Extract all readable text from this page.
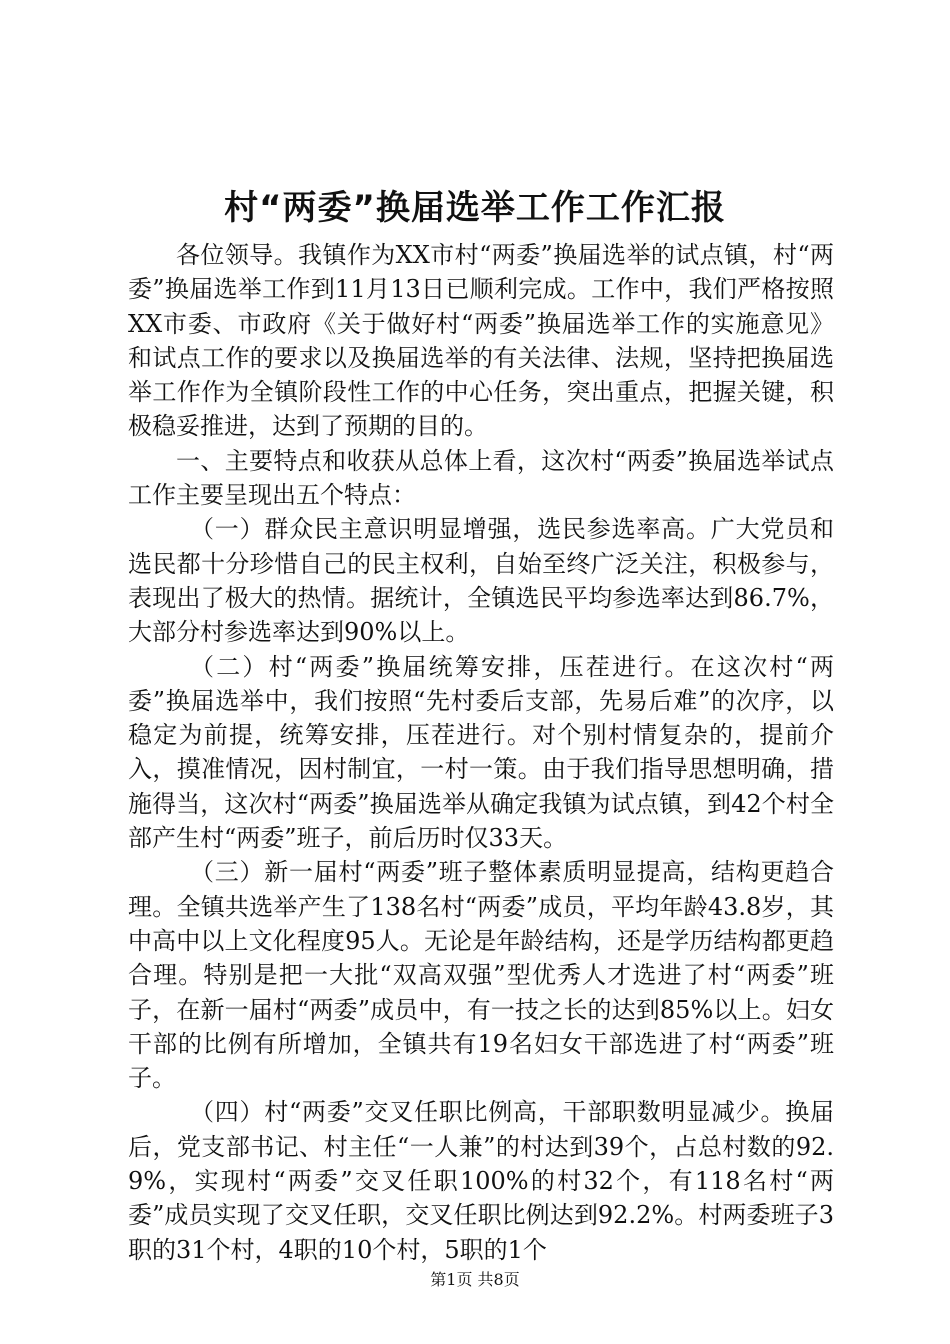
村“两委”换届选举工作工作汇报

各位领导。我镇作为XX市村“两委”换届选举的试点镇，村“两委”换届选举工作到11月13日已顺利完成。工作中，我们严格按照XX市委、市政府《关于做好村“两委”换届选举工作的实施意见》和试点工作的要求以及换届选举的有关法律、法规，坚持把换届选举工作作为全镇阶段性工作的中心任务，突出重点，把握关键，积极稳妥推进，达到了预期的目的。

一、主要特点和收获从总体上看，这次村“两委”换届选举试点工作主要呈现出五个特点：

（一）群众民主意识明显增强，选民参选率高。广大党员和选民都十分珍惜自己的民主权利，自始至终广泛关注，积极参与，表现出了极大的热情。据统计，全镇选民平均参选率达到86.7%，大部分村参选率达到90%以上。

（二）村“两委”换届统筹安排，压茬进行。在这次村“两委”换届选举中，我们按照“先村委后支部，先易后难”的次序，以稳定为前提，统筹安排，压茬进行。对个别村情复杂的，提前介入，摸准情况，因村制宜，一村一策。由于我们指导思想明确，措施得当，这次村“两委”换届选举从确定我镇为试点镇，到42个村全部产生村“两委”班子，前后历时仅33天。

（三）新一届村“两委”班子整体素质明显提高，结构更趋合理。全镇共选举产生了138名村“两委”成员，平均年龄43.8岁，其中高中以上文化程度95人。无论是年龄结构，还是学历结构都更趋合理。特别是把一大批“双高双强”型优秀人才选进了村“两委”班子，在新一届村“两委”成员中，有一技之长的达到85%以上。妇女干部的比例有所增加，全镇共有19名妇女干部选进了村“两委”班子。

（四）村“两委”交叉任职比例高，干部职数明显减少。换届后，党支部书记、村主任“一人兼”的村达到39个，占总村数的92.9%，实现村“两委”交叉任职100%的村32个，有118名村“两委”成员实现了交叉任职，交叉任职比例达到92.2%。村两委班子3职的31个村，4职的10个村，5职的1个

第1页 共8页
